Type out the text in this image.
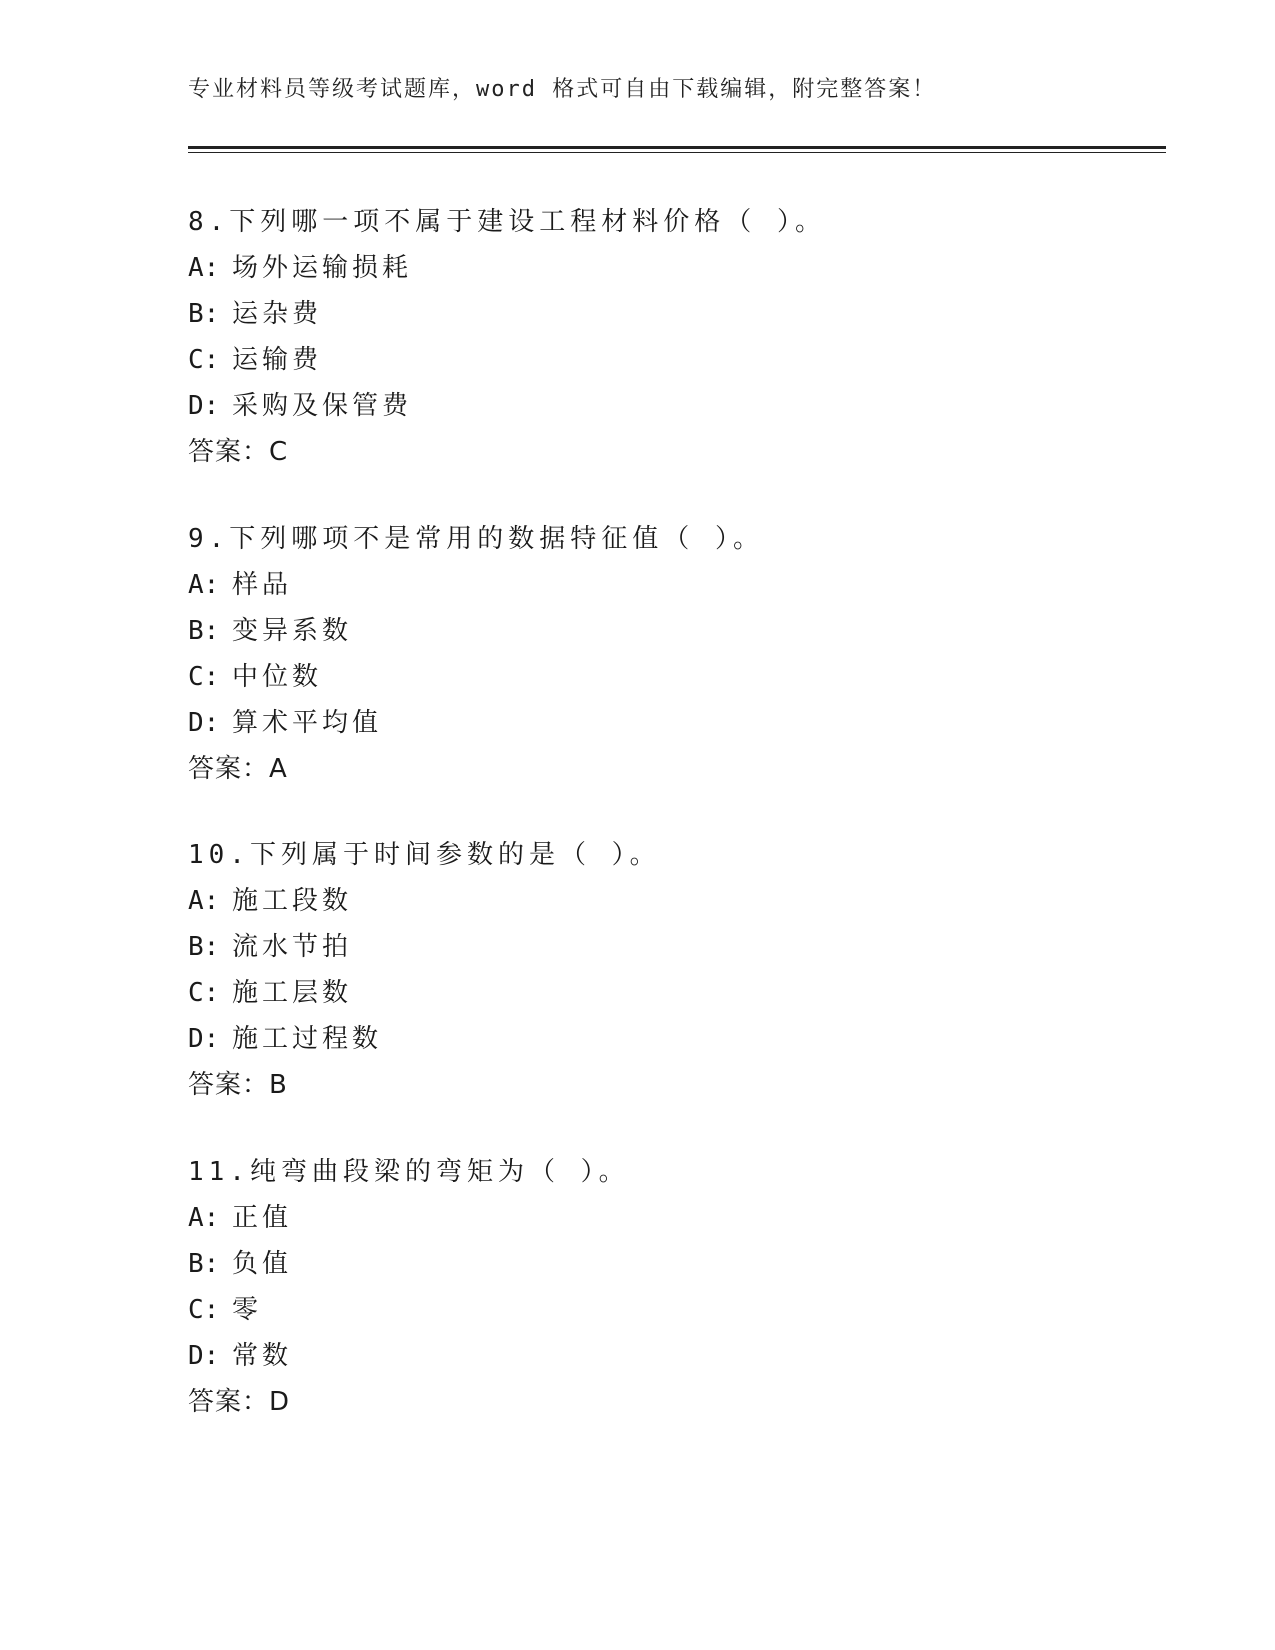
专业材料员等级考试题库，word 格式可自由下载编辑，附完整答案！
8.下列哪一项不属于建设工程材料价格（ ）。
A: 场外运输损耗
B: 运杂费
C: 运输费
D: 采购及保管费
答案：C
9.下列哪项不是常用的数据特征值（ ）。
A: 样品
B: 变异系数
C: 中位数
D: 算术平均值
答案：A
10.下列属于时间参数的是（ ）。
A: 施工段数
B: 流水节拍
C: 施工层数
D: 施工过程数
答案：B
11.纯弯曲段梁的弯矩为（ ）。
A: 正值
B: 负值
C: 零
D: 常数
答案：D
